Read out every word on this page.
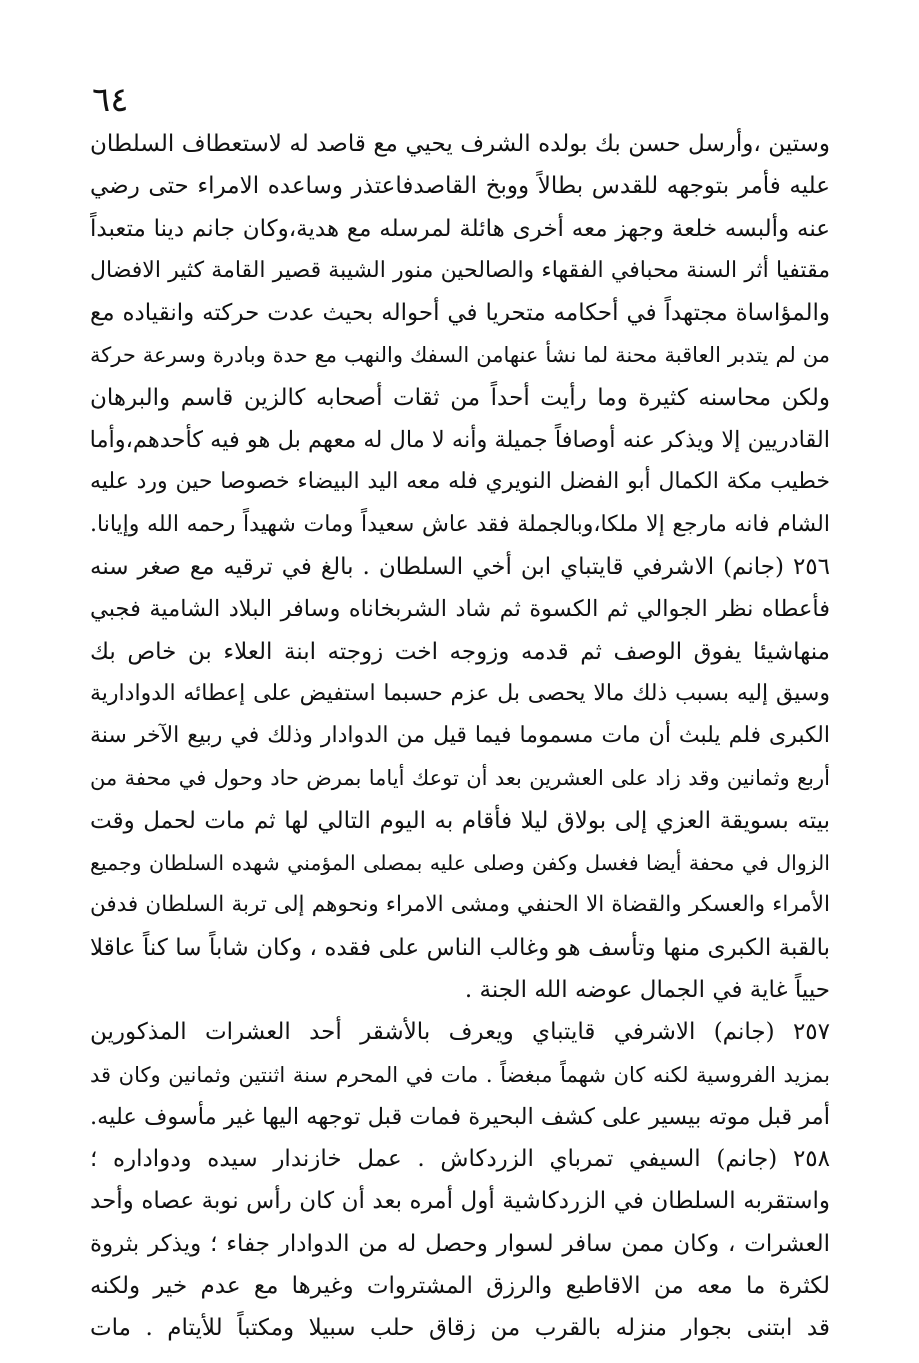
٦٤
وستين ،وأرسل حسن بك بولده الشرف يحيي مع قاصد له لاستعطاف السلطان
عليه فأمر بتوجهه للقدس بطالاً ووبخ القاصدفاعتذر وساعده الامراء حتى رضي
عنه وألبسه خلعة وجهز معه أخرى هائلة لمرسله مع هدية،وكان جانم دينا متعبداً
مقتفيا أثر السنة محبافي الفقهاء والصالحين منور الشيبة قصير القامة كثير الافضال
والمؤاساة مجتهداً في أحكامه متحريا في أحواله بحيث عدت حركته وانقياده مع
من لم يتدبر العاقبة محنة لما نشأ عنهامن السفك والنهب مع حدة وبادرة وسرعة حركة
ولكن محاسنه كثيرة وما رأيت أحداً من ثقات أصحابه كالزين قاسم والبرهان
القادريين إلا ويذكر عنه أوصافاً جميلة وأنه لا مال له معهم بل هو فيه كأحدهم،وأما
خطيب مكة الكمال أبو الفضل النويري فله معه اليد البيضاء خصوصا حين ورد عليه
الشام فانه مارجع إلا ملكا،وبالجملة فقد عاش سعيداً ومات شهيداً رحمه الله وإيانا.
٢٥٦ (جانم) الاشرفي قايتباي ابن أخي السلطان . بالغ في ترقيه مع صغر سنه
فأعطاه نظر الجوالي ثم الكسوة ثم شاد الشربخاناه وسافر البلاد الشامية فجبي
منهاشيئا يفوق الوصف ثم قدمه وزوجه اخت زوجته ابنة العلاء بن خاص بك
وسيق إليه بسبب ذلك مالا يحصى بل عزم حسبما استفيض على إعطائه الدوادارية
الكبرى فلم يلبث أن مات مسموما فيما قيل من الدوادار وذلك في ربيع الآخر سنة
أربع وثمانين وقد زاد على العشرين بعد أن توعك أياما بمرض حاد وحول في محفة من
بيته بسويقة العزي إلى بولاق ليلا فأقام به اليوم التالي لها ثم مات لحمل وقت
الزوال في محفة أيضا فغسل وكفن وصلى عليه بمصلى المؤمني شهده السلطان وجميع
الأمراء والعسكر والقضاة الا الحنفي ومشى الامراء ونحوهم إلى تربة السلطان فدفن
بالقبة الكبرى منها وتأسف هو وغالب الناس على فقده ، وكان شاباً سا كناً عاقلا
حيياً غاية في الجمال عوضه الله الجنة .
٢٥٧ (جانم) الاشرفي قايتباي ويعرف بالأشقر أحد العشرات المذكورين
بمزيد الفروسية لكنه كان شهماً مبغضاً . مات في المحرم سنة اثنتين وثمانين وكان قد
أمر قبل موته بيسير على كشف البحيرة فمات قبل توجهه اليها غير مأسوف عليه.
٢٥٨ (جانم) السيفي تمرباي الزردكاش . عمل خازندار سيده ودواداره ؛
واستقربه السلطان في الزردكاشية أول أمره بعد أن كان رأس نوبة عصاه وأحد
العشرات ، وكان ممن سافر لسوار وحصل له من الدوادار جفاء ؛ ويذكر بثروة
لكثرة ما معه من الاقاطيع والرزق المشتروات وغيرها مع عدم خير ولكنه
قد ابتنى بجوار منزله بالقرب من زقاق حلب سبيلا ومكتباً للأيتام . مات
